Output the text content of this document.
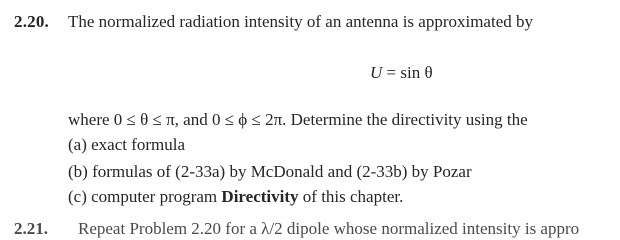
2.20. The normalized radiation intensity of an antenna is approximated by
U = sin θ
where 0 ≤ θ ≤ π, and 0 ≤ ϕ ≤ 2π. Determine the directivity using the
(a) exact formula
(b) formulas of (2-33a) by McDonald and (2-33b) by Pozar
(c) computer program Directivity of this chapter.
2.21. Repeat Problem 2.20 for a λ/2 dipole whose normalized intensity is appro
